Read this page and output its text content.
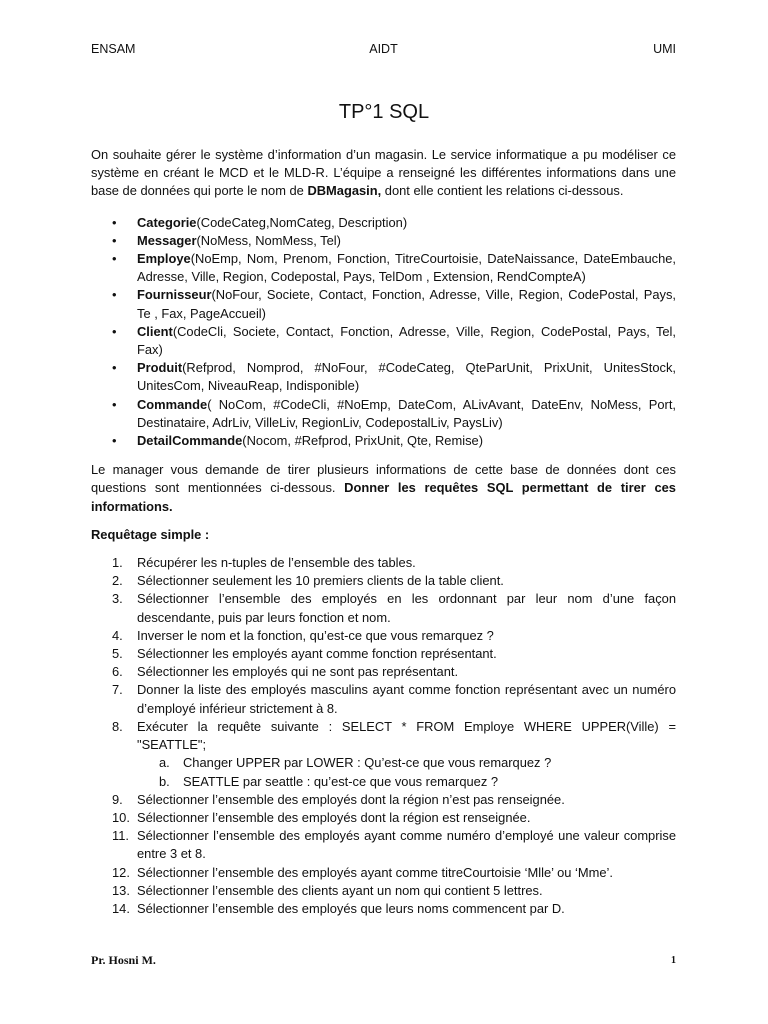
ENSAM	AIDT	UMI
TP°1 SQL

On souhaite gérer le système d’information d’un magasin. Le service informatique a pu modéliser ce système en créant le MCD et le MLD-R. L’équipe a renseigné les différentes informations dans une base de données qui porte le nom de DBMagasin, dont elle contient les relations ci-dessous.

• Categorie(CodeCateg,NomCateg, Description)
• Messager(NoMess, NomMess, Tel)
• Employe(NoEmp, Nom, Prenom, Fonction, TitreCourtoisie, DateNaissance, DateEmbauche, Adresse, Ville, Region, Codepostal, Pays, TelDom , Extension, RendCompteA)
• Fournisseur(NoFour, Societe, Contact, Fonction, Adresse, Ville, Region, CodePostal, Pays, Te , Fax, PageAccueil)
• Client(CodeCli, Societe, Contact, Fonction, Adresse, Ville, Region, CodePostal, Pays, Tel, Fax)
• Produit(Refprod, Nomprod, #NoFour, #CodeCateg, QteParUnit, PrixUnit, UnitesStock, UnitesCom, NiveauReap, Indisponible)
• Commande( NoCom, #CodeCli, #NoEmp, DateCom, ALivAvant, DateEnv, NoMess, Port, Destinataire, AdrLiv, VilleLiv, RegionLiv, CodepostalLiv, PaysLiv)
• DetailCommande(Nocom, #Refprod, PrixUnit, Qte, Remise)

Le manager vous demande de tirer plusieurs informations de cette base de données dont ces questions sont mentionnées ci-dessous. Donner les requêtes SQL permettant de tirer ces informations.

Requêtage simple :

1. Récupérer les n-tuples de l’ensemble des tables.
2. Sélectionner seulement les 10 premiers clients de la table client.
3. Sélectionner l’ensemble des employés en les ordonnant par leur nom d’une façon descendante, puis par leurs fonction et nom.
4. Inverser le nom et la fonction, qu’est-ce que vous remarquez ?
5. Sélectionner les employés ayant comme fonction représentant.
6. Sélectionner les employés qui ne sont pas représentant.
7. Donner la liste des employés masculins ayant comme fonction représentant avec un numéro d’employé inférieur strictement à 8.
8. Exécuter la requête suivante : SELECT * FROM Employe WHERE UPPER(Ville) = "SEATTLE";
a. Changer UPPER par LOWER : Qu’est-ce que vous remarquez ?
b. SEATTLE par seattle : qu’est-ce que vous remarquez ?
9. Sélectionner l’ensemble des employés dont la région n’est pas renseignée.
10. Sélectionner l’ensemble des employés dont la région est renseignée.
11. Sélectionner l’ensemble des employés ayant comme numéro d’employé une valeur comprise entre 3 et 8.
12. Sélectionner l’ensemble des employés ayant comme titreCourtoisie ‘Mlle’ ou ‘Mme’.
13. Sélectionner l’ensemble des clients ayant un nom qui contient 5 lettres.
14. Sélectionner l’ensemble des employés que leurs noms commencent par D.
Pr. Hosni M.	1
